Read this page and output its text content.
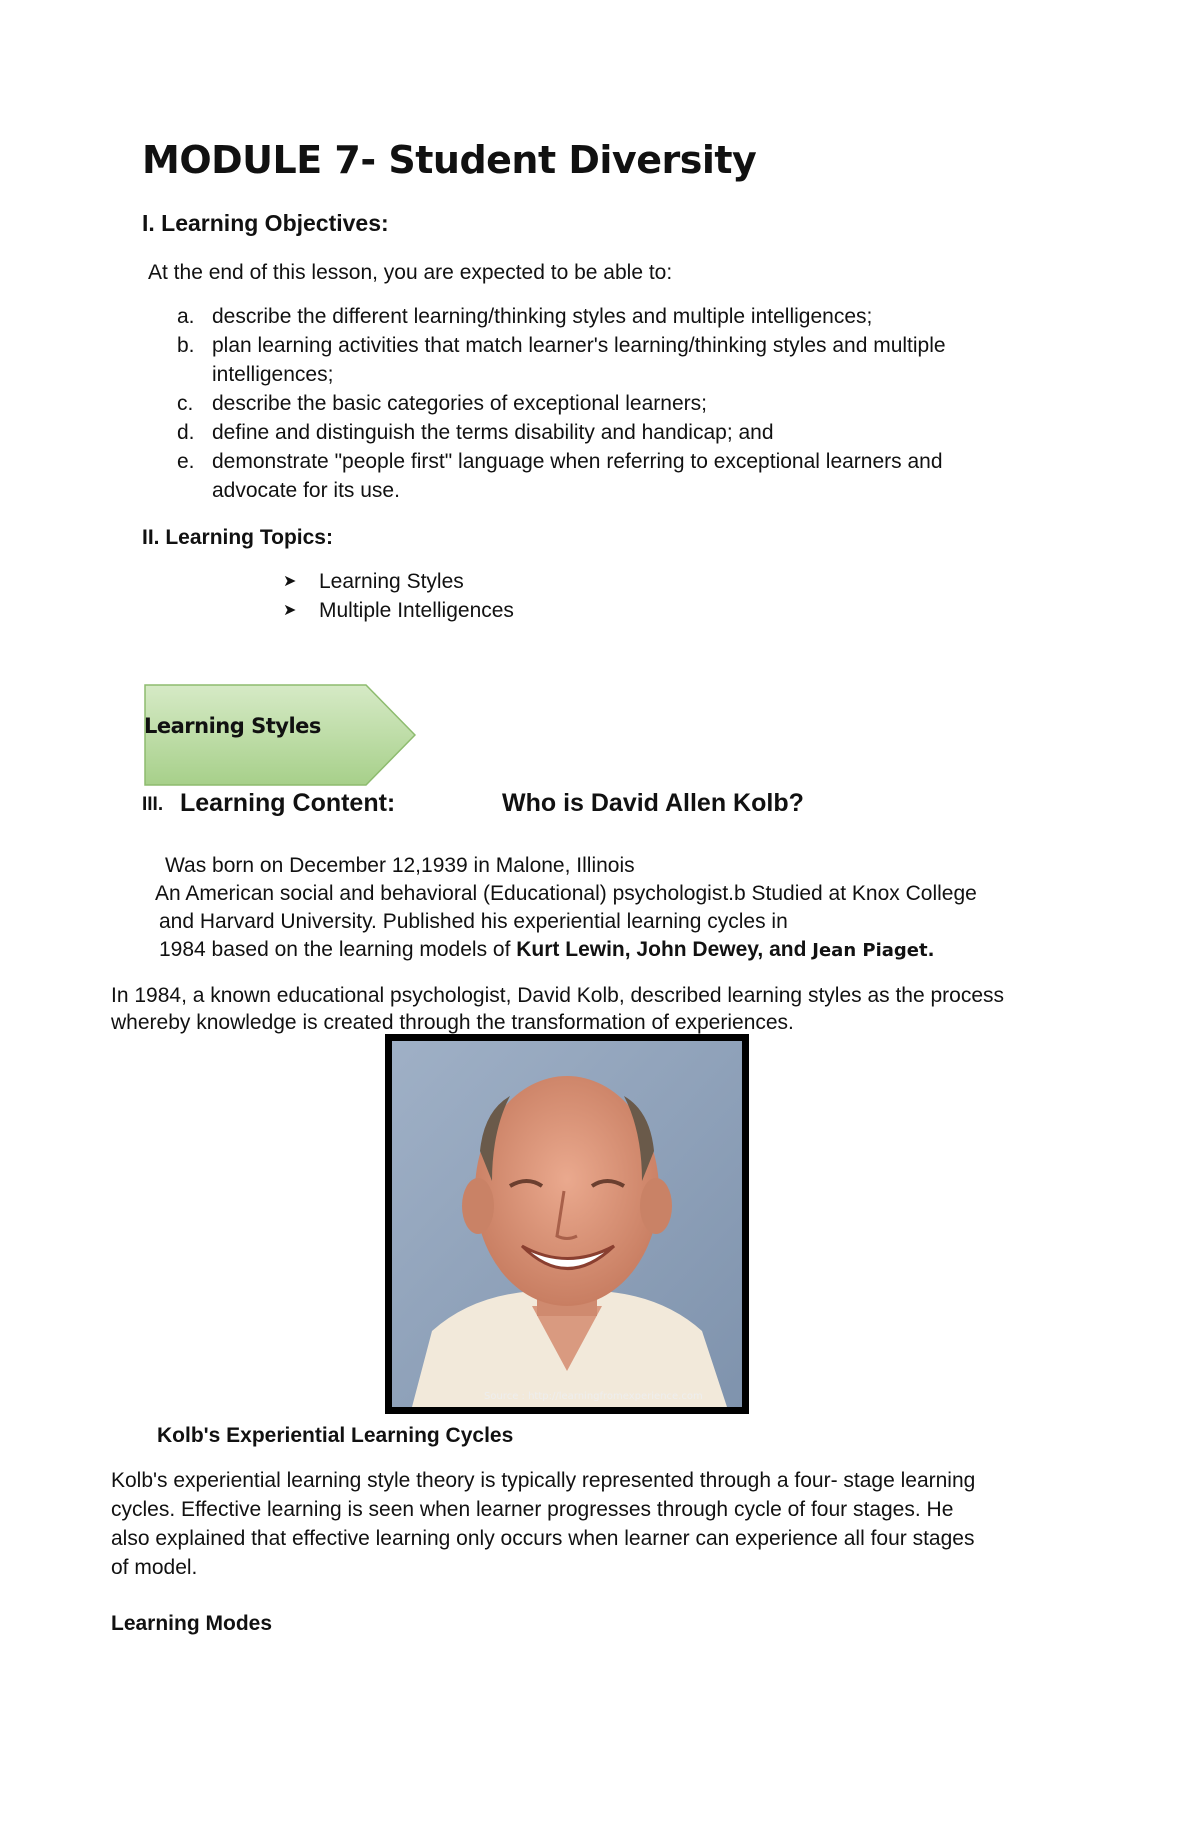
MODULE 7- Student Diversity
I. Learning Objectives:
At the end of this lesson, you are expected to be able to:
a. describe the different learning/thinking styles and multiple intelligences;
b. plan learning activities that match learner's learning/thinking styles and multiple
intelligences;
c. describe the basic categories of exceptional learners;
d. define and distinguish the terms disability and handicap; and
e. demonstrate "people first" language when referring to exceptional learners and
advocate for its use.
II. Learning Topics:
➤	Learning Styles
➤	Multiple Intelligences
Learning Styles
III. Learning Content:	Who is David Allen Kolb?
Was born on December 12,1939 in Malone, Illinois
An American social and behavioral (Educational) psychologist.b Studied at Knox College
and Harvard University. Published his experiential learning cycles in
1984 based on the learning models of Kurt Lewin, John Dewey, and Jean Piaget.
In 1984, a known educational psychologist, David Kolb, described learning styles as the process
whereby knowledge is created through the transformation of experiences.
Source : http://learningfromexperience.com
Kolb's Experiential Learning Cycles
Kolb's experiential learning style theory is typically represented through a four- stage learning
cycles. Effective learning is seen when learner progresses through cycle of four stages. He
also explained that effective learning only occurs when learner can experience all four stages
of model.
Learning Modes
